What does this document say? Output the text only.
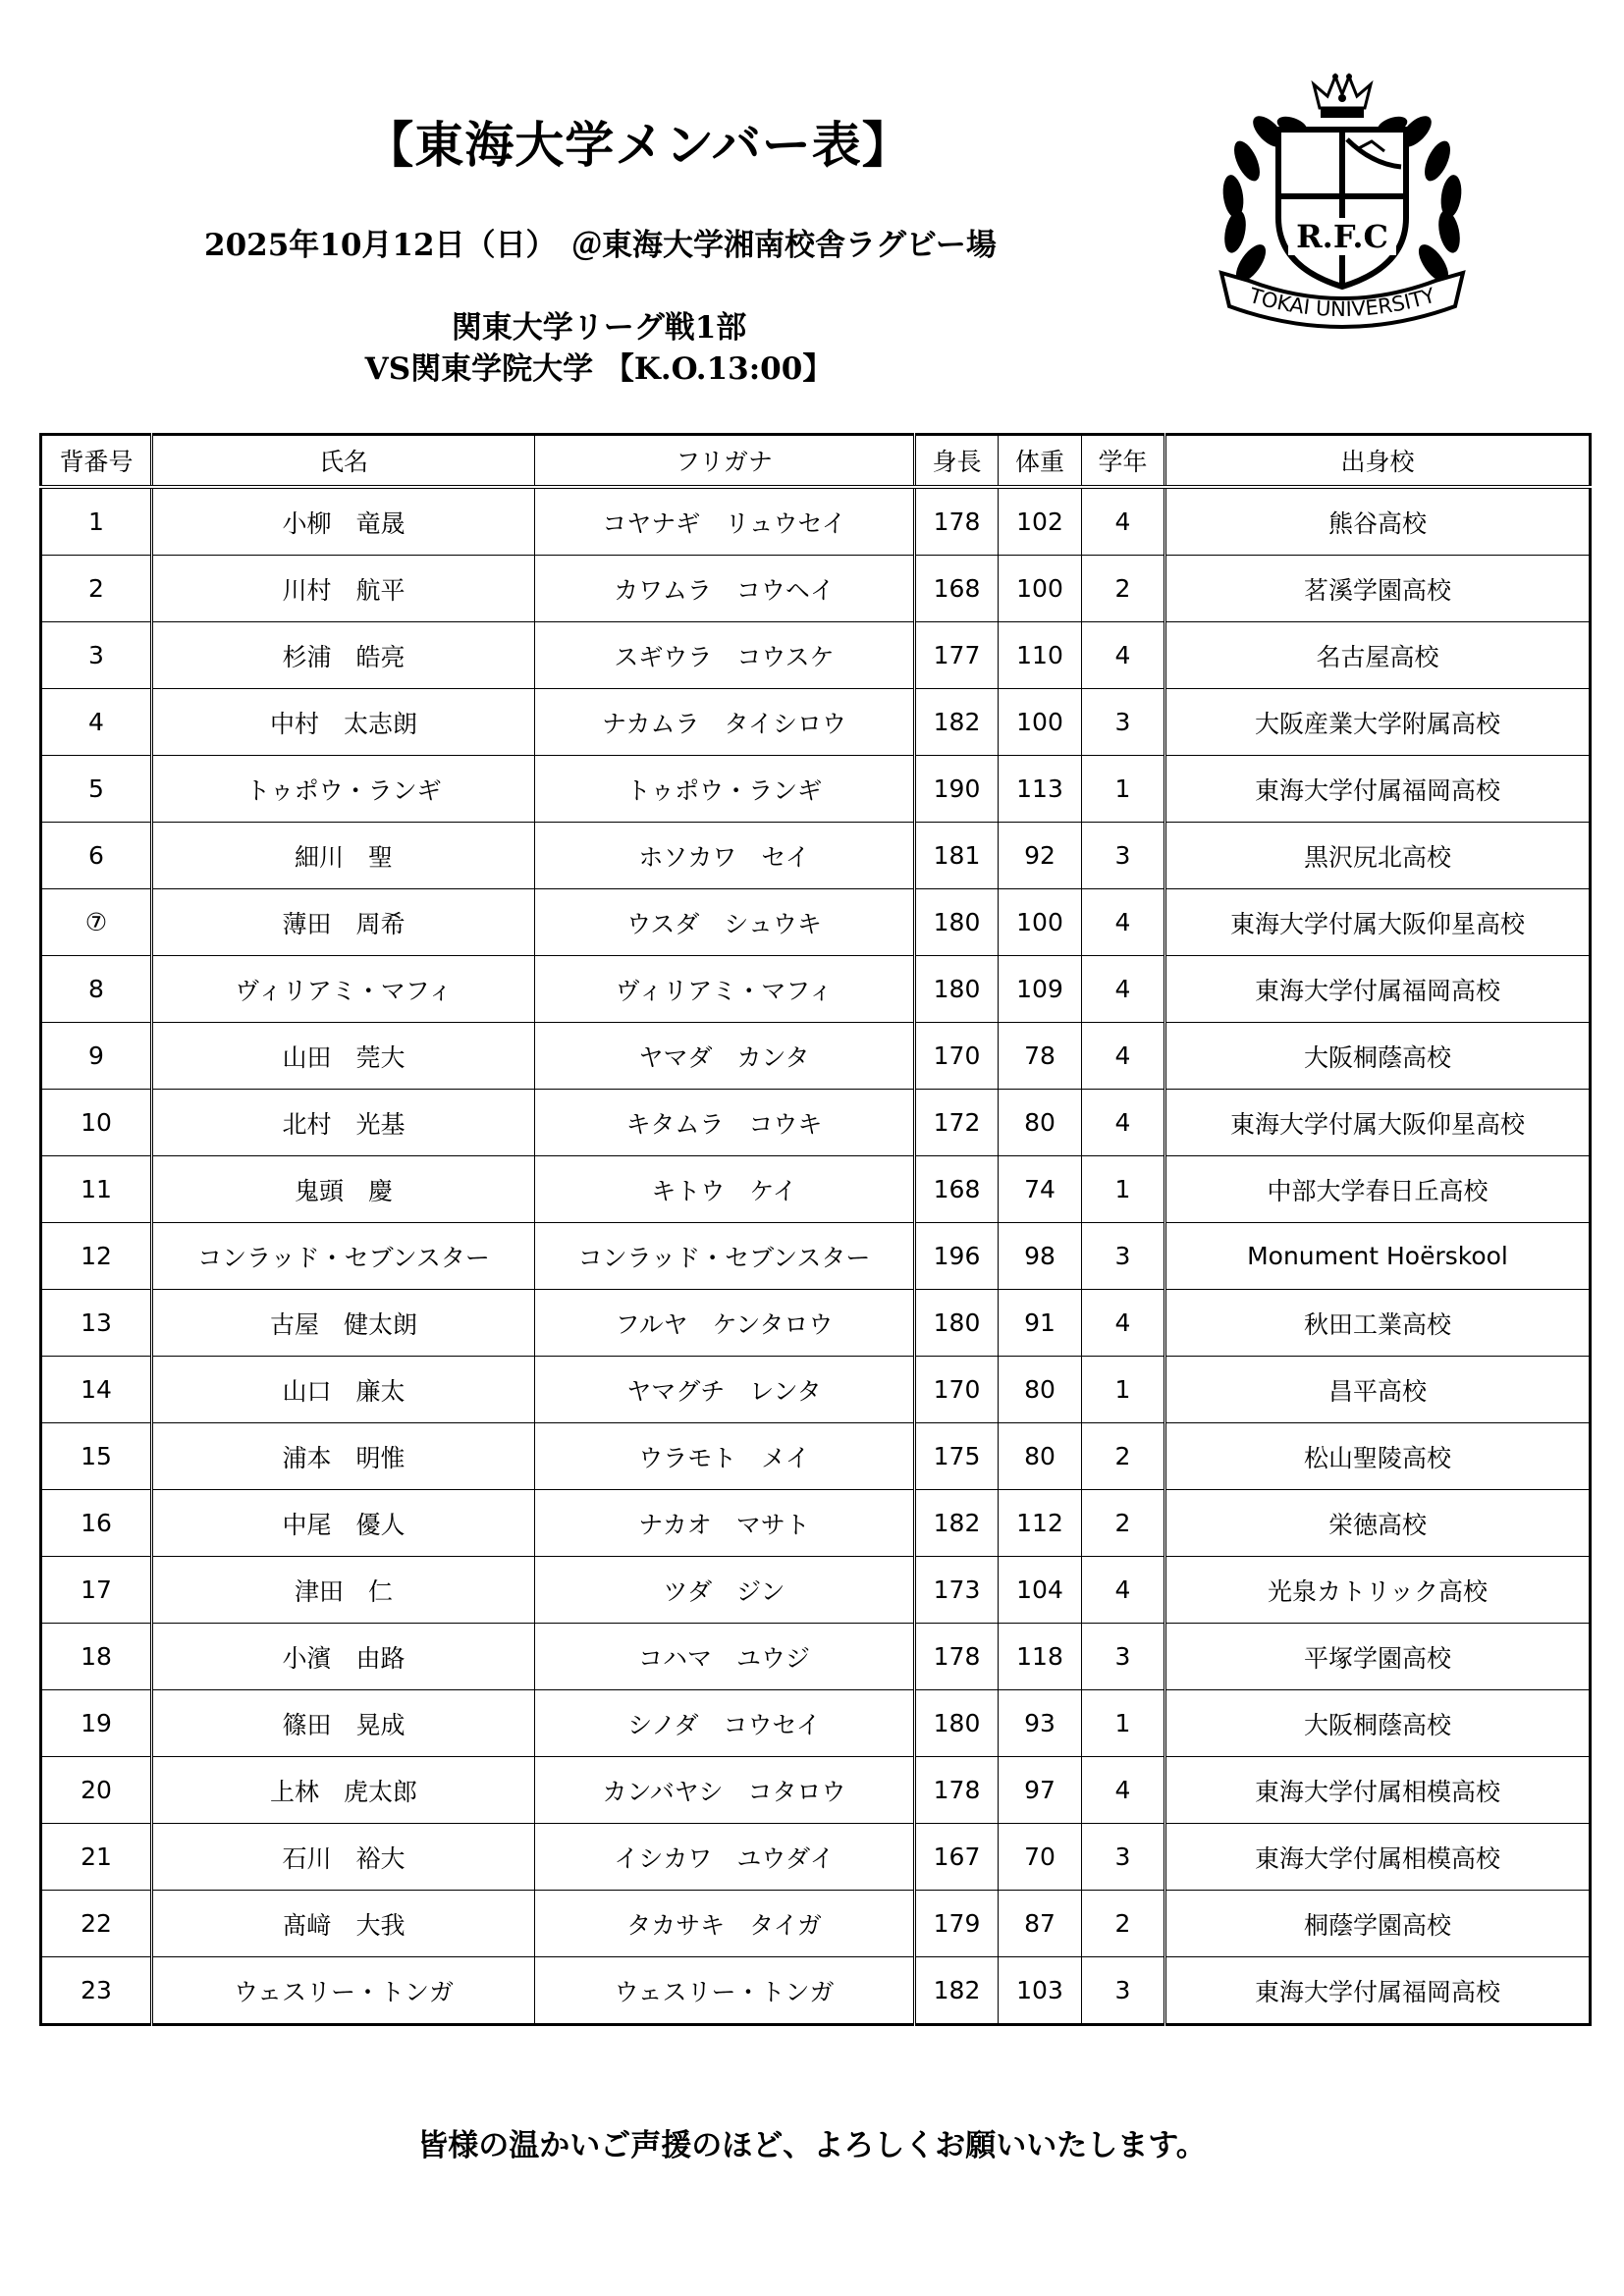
【東海大学メンバー表】
2025年10月12日（日）　＠東海大学湘南校舎ラグビー場
関東大学リーグ戦1部
VS関東学院大学 【K.O.13:00】
R.F.C
TOKAI UNIVERSITY
背番号	氏名	フリガナ	身長	体重	学年	出身校
1	小柳　竜晟	コヤナギ　リュウセイ	178	102	4	熊谷高校
2	川村　航平	カワムラ　コウヘイ	168	100	2	茗溪学園高校
3	杉浦　皓亮	スギウラ　コウスケ	177	110	4	名古屋高校
4	中村　太志朗	ナカムラ　タイシロウ	182	100	3	大阪産業大学附属高校
5	トゥポウ・ランギ	トゥポウ・ランギ	190	113	1	東海大学付属福岡高校
6	細川　聖	ホソカワ　セイ	181	92	3	黒沢尻北高校
⑦	薄田　周希	ウスダ　シュウキ	180	100	4	東海大学付属大阪仰星高校
8	ヴィリアミ・マフィ	ヴィリアミ・マフィ	180	109	4	東海大学付属福岡高校
9	山田　莞大	ヤマダ　カンタ	170	78	4	大阪桐蔭高校
10	北村　光基	キタムラ　コウキ	172	80	4	東海大学付属大阪仰星高校
11	鬼頭　慶	キトウ　ケイ	168	74	1	中部大学春日丘高校
12	コンラッド・セブンスター	コンラッド・セブンスター	196	98	3	Monument Hoërskool
13	古屋　健太朗	フルヤ　ケンタロウ	180	91	4	秋田工業高校
14	山口　廉太	ヤマグチ　レンタ	170	80	1	昌平高校
15	浦本　明惟	ウラモト　メイ	175	80	2	松山聖陵高校
16	中尾　優人	ナカオ　マサト	182	112	2	栄徳高校
17	津田　仁	ツダ　ジン	173	104	4	光泉カトリック高校
18	小濱　由路	コハマ　ユウジ	178	118	3	平塚学園高校
19	篠田　晃成	シノダ　コウセイ	180	93	1	大阪桐蔭高校
20	上林　虎太郎	カンバヤシ　コタロウ	178	97	4	東海大学付属相模高校
21	石川　裕大	イシカワ　ユウダイ	167	70	3	東海大学付属相模高校
22	髙﨑　大我	タカサキ　タイガ	179	87	2	桐蔭学園高校
23	ウェスリー・トンガ	ウェスリー・トンガ	182	103	3	東海大学付属福岡高校
皆様の温かいご声援のほど、よろしくお願いいたします。
